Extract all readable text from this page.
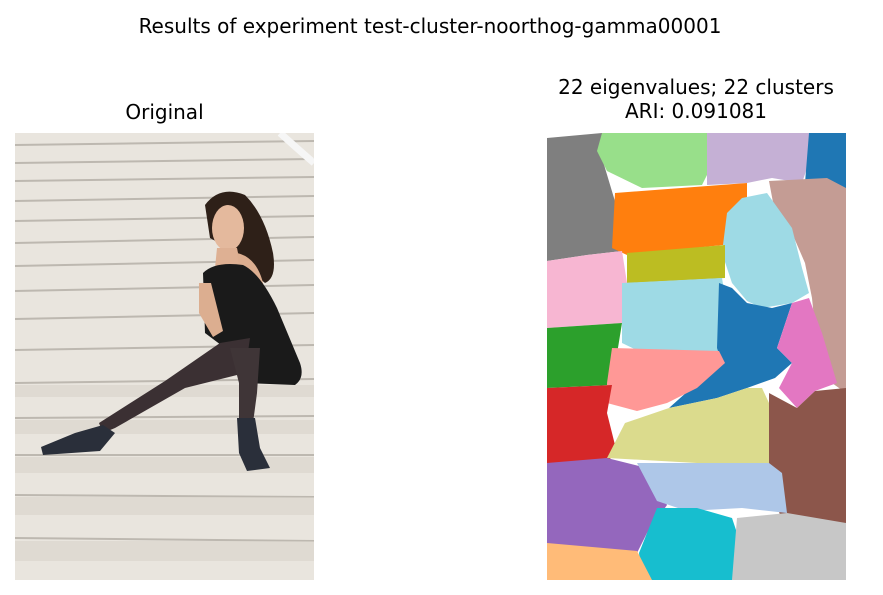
Results of experiment test-cluster-noorthog-gamma00001
Original
22 eigenvalues; 22 clusters
ARI: 0.091081
